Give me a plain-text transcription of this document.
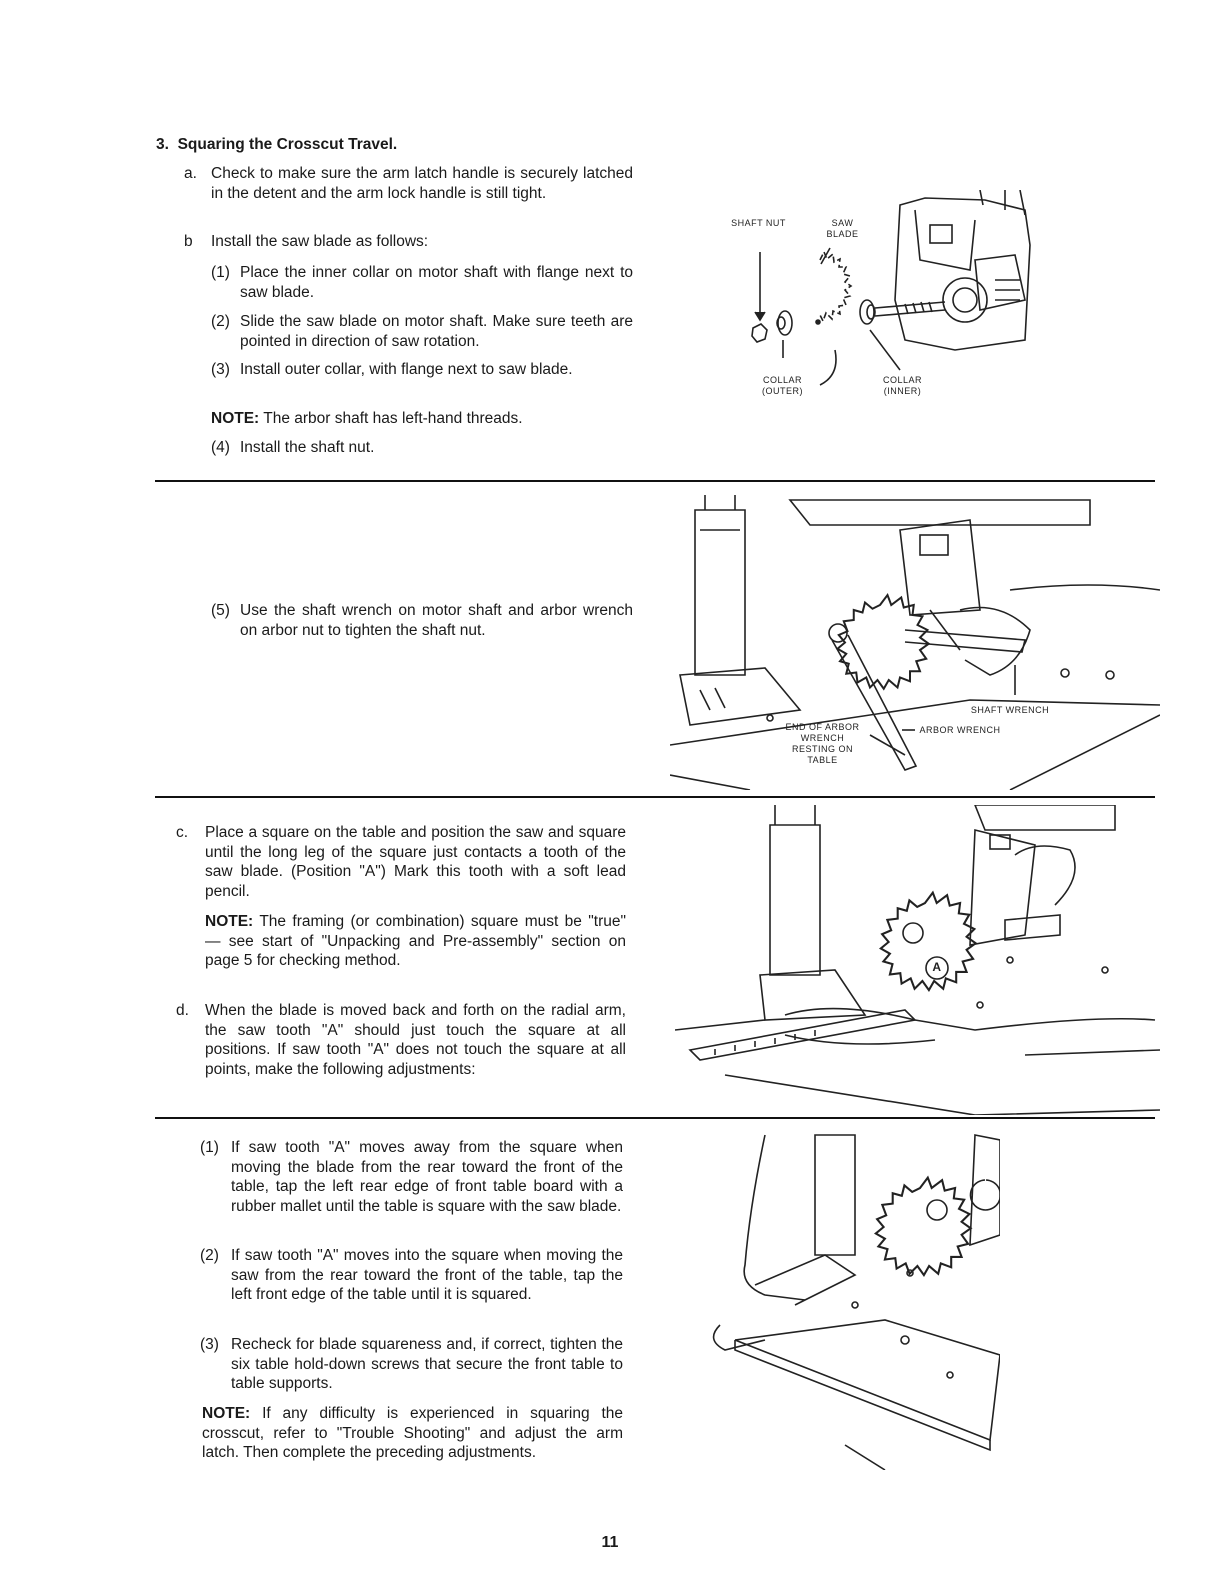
3. Squaring the Crosscut Travel.
a. Check to make sure the arm latch handle is securely latched in the detent and the arm lock handle is still tight.
b Install the saw blade as follows:
(1) Place the inner collar on motor shaft with flange next to saw blade.
(2) Slide the saw blade on motor shaft. Make sure teeth are pointed in direction of saw rotation.
(3) Install outer collar, with flange next to saw blade.
NOTE: The arbor shaft has left-hand threads.
(4) Install the shaft nut.
SHAFT NUT	SAW BLADE
COLLAR (OUTER)
COLLAR (INNER)
(5) Use the shaft wrench on motor shaft and arbor wrench on arbor nut to tighten the shaft nut.
SHAFT WRENCH
ARBOR WRENCH
END OF ARBOR WRENCH RESTING ON TABLE
c. Place a square on the table and position the saw and square until the long leg of the square just contacts a tooth of the saw blade. (Position "A") Mark this tooth with a soft lead pencil.
NOTE: The framing (or combination) square must be "true" — see start of "Unpacking and Pre-assembly" section on page 5 for checking method.
d. When the blade is moved back and forth on the radial arm, the saw tooth "A" should just touch the square at all positions. If saw tooth "A" does not touch the square at all points, make the following adjustments:
A
(1) If saw tooth "A" moves away from the square when moving the blade from the rear toward the front of the table, tap the left rear edge of front table board with a rubber mallet until the table is square with the saw blade.
(2) If saw tooth "A" moves into the square when moving the saw from the rear toward the front of the table, tap the left front edge of the table until it is squared.
(3) Recheck for blade squareness and, if correct, tighten the six table hold-down screws that secure the front table to table supports.
NOTE: If any difficulty is experienced in squaring the crosscut, refer to "Trouble Shooting" and adjust the arm latch. Then complete the preceding adjustments.
11
